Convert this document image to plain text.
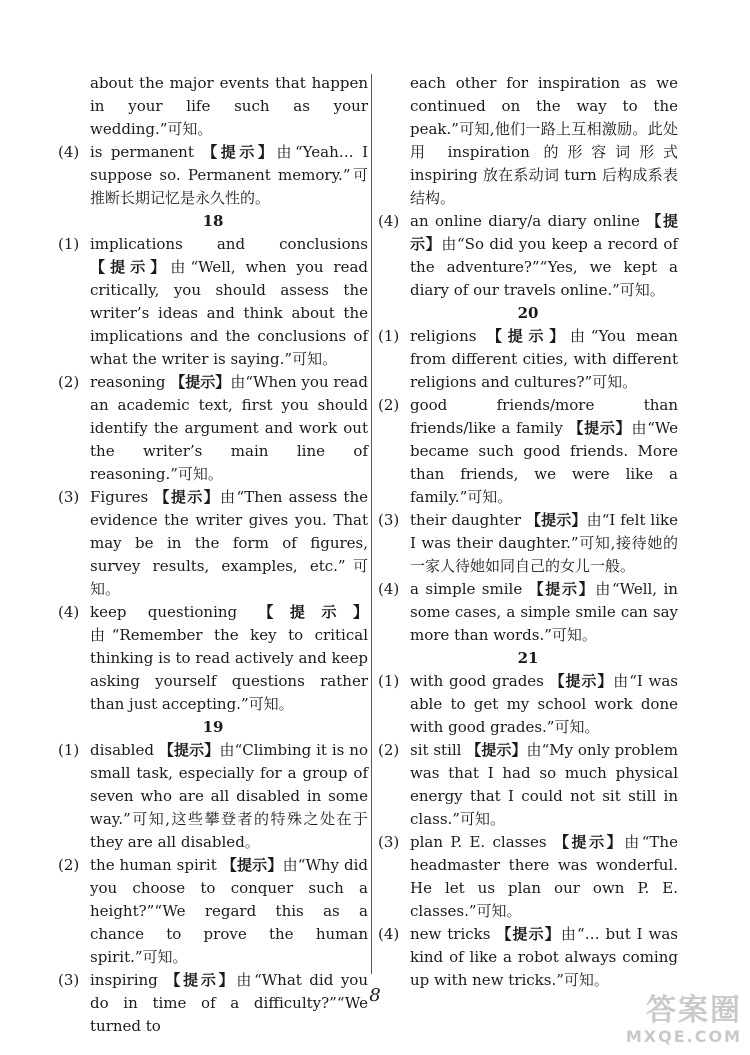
about the major events that happen in your life such as your wedding.”可知。

(4) is permanent 【提示】由“Yeah… I suppose so. Permanent memory.”可推断长期记忆是永久性的。

18

(1) implications and conclusions 【提示】由“Well, when you read critically, you should assess the writer’s ideas and think about the implications and the conclusions of what the writer is saying.”可知。

(2) reasoning 【提示】由“When you read an academic text, first you should identify the argument and work out the writer’s main line of reasoning.”可知。

(3) Figures 【提示】由“Then assess the evidence the writer gives you. That may be in the form of figures, survey results, examples, etc.”可知。

(4) keep questioning 【提示】由“Remember the key to critical thinking is to read actively and keep asking yourself questions rather than just accepting.”可知。

19

(1) disabled 【提示】由“Climbing it is no small task, especially for a group of seven who are all disabled in some way.”可知,这些攀登者的特殊之处在于 they are all disabled。

(2) the human spirit 【提示】由“Why did you choose to conquer such a height?”“We regard this as a chance to prove the human spirit.”可知。

(3) inspiring 【提示】由“What did you do in time of a difficulty?”“We turned to

each other for inspiration as we continued on the way to the peak.”可知,他们一路上互相激励。此处用 inspiration 的形容词形式 inspiring 放在系动词 turn 后构成系表结构。

(4) an online diary/a diary online 【提示】由“So did you keep a record of the adventure?”“Yes, we kept a diary of our travels online.”可知。

20

(1) religions 【提示】由“You mean from different cities, with different religions and cultures?”可知。

(2) good friends/more than friends/like a family 【提示】由“We became such good friends. More than friends, we were like a family.”可知。

(3) their daughter 【提示】由“I felt like I was their daughter.”可知,接待她的一家人待她如同自己的女儿一般。

(4) a simple smile 【提示】由“Well, in some cases, a simple smile can say more than words.”可知。

21

(1) with good grades 【提示】由“I was able to get my school work done with good grades.”可知。

(2) sit still 【提示】由“My only problem was that I had so much physical energy that I could not sit still in class.”可知。

(3) plan P. E. classes 【提示】由“The headmaster there was wonderful. He let us plan our own P. E. classes.”可知。

(4) new tricks 【提示】由“… but I was kind of like a robot always coming up with new tricks.”可知。

8	答案圈
MXQE.COM
